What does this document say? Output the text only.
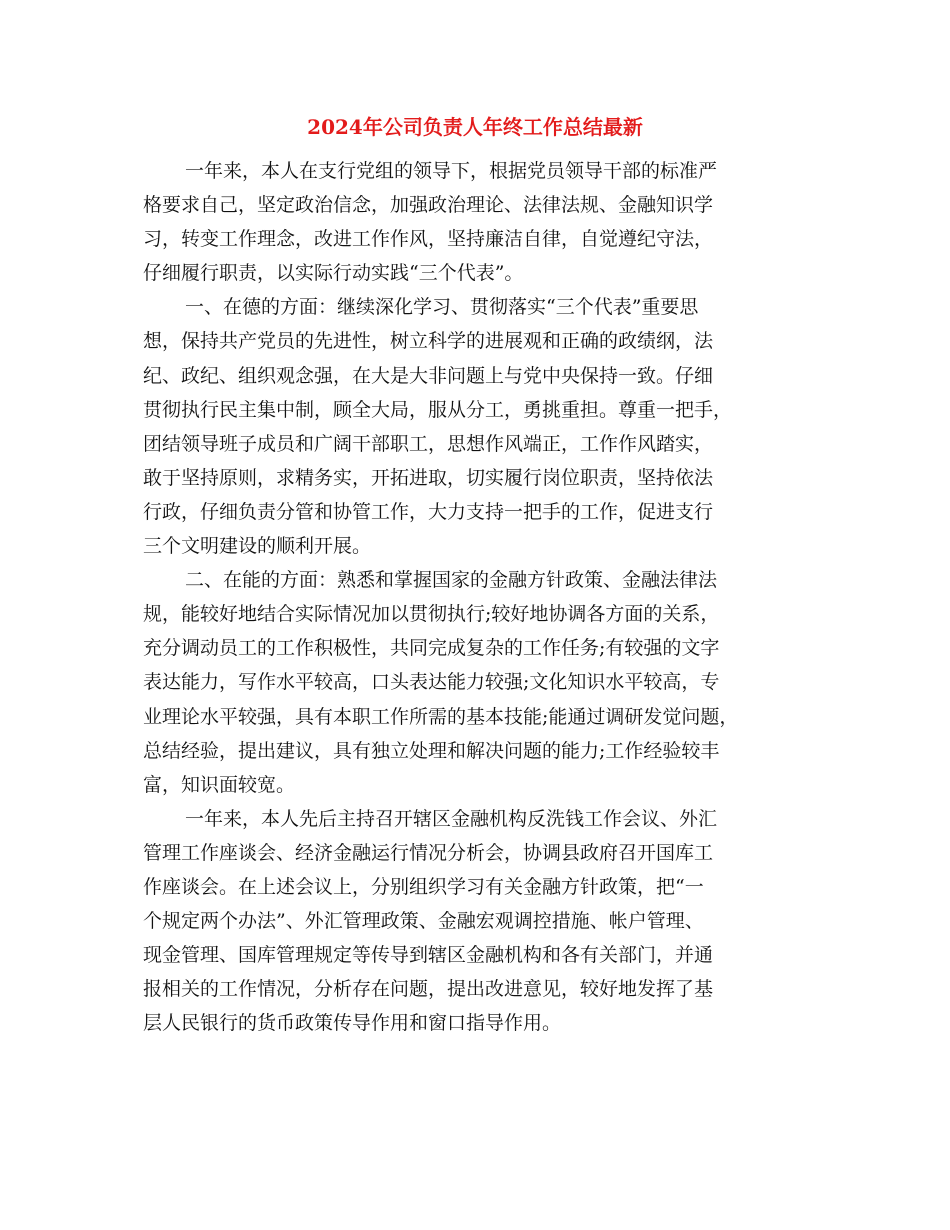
2024年公司负责人年终工作总结最新
一年来，本人在支行党组的领导下，根据党员领导干部的标准严
格要求自己，坚定政治信念，加强政治理论、法律法规、金融知识学
习，转变工作理念，改进工作作风，坚持廉洁自律，自觉遵纪守法，
仔细履行职责，以实际行动实践“三个代表”。
一、在德的方面：继续深化学习、贯彻落实“三个代表”重要思
想，保持共产党员的先进性，树立科学的进展观和正确的政绩纲，法
纪、政纪、组织观念强，在大是大非问题上与党中央保持一致。仔细
贯彻执行民主集中制，顾全大局，服从分工，勇挑重担。尊重一把手，
团结领导班子成员和广阔干部职工，思想作风端正，工作作风踏实，
敢于坚持原则，求精务实，开拓进取，切实履行岗位职责，坚持依法
行政，仔细负责分管和协管工作，大力支持一把手的工作，促进支行
三个文明建设的顺利开展。
二、在能的方面：熟悉和掌握国家的金融方针政策、金融法律法
规，能较好地结合实际情况加以贯彻执行;较好地协调各方面的关系，
充分调动员工的工作积极性，共同完成复杂的工作任务;有较强的文字
表达能力，写作水平较高，口头表达能力较强;文化知识水平较高，专
业理论水平较强，具有本职工作所需的基本技能;能通过调研发觉问题，
总结经验，提出建议，具有独立处理和解决问题的能力;工作经验较丰
富，知识面较宽。
一年来，本人先后主持召开辖区金融机构反洗钱工作会议、外汇
管理工作座谈会、经济金融运行情况分析会，协调县政府召开国库工
作座谈会。在上述会议上，分别组织学习有关金融方针政策，把“一
个规定两个办法”、外汇管理政策、金融宏观调控措施、帐户管理、
现金管理、国库管理规定等传导到辖区金融机构和各有关部门，并通
报相关的工作情况，分析存在问题，提出改进意见，较好地发挥了基
层人民银行的货币政策传导作用和窗口指导作用。
